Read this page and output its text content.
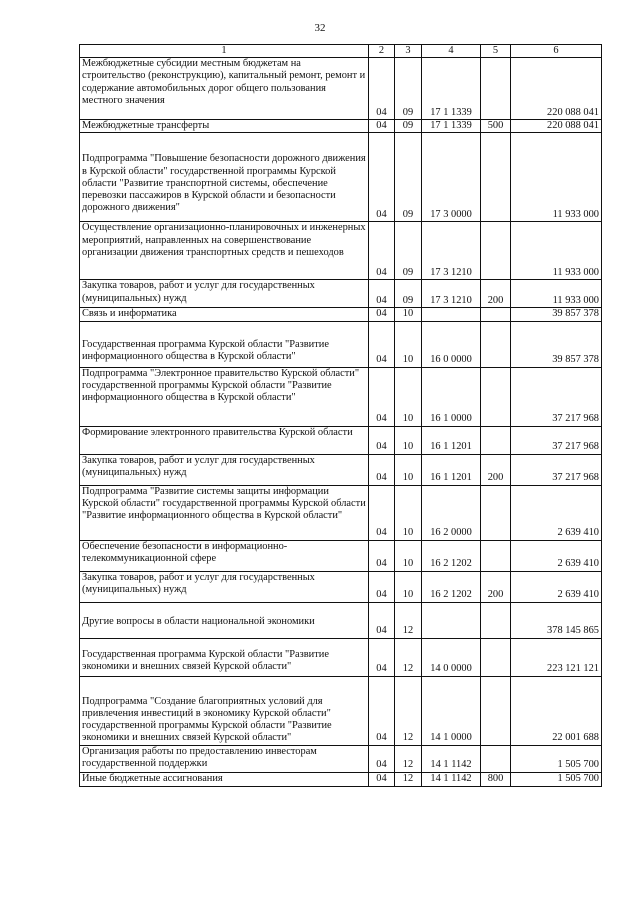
32
1	2	3	4	5	6
Межбюджетные субсидии местным бюджетам на строительство (реконструкцию), капитальный ремонт, ремонт и содержание автомобильных дорог общего пользования местного значения	04	09	17 1 1339		220 088 041
Межбюджетные трансферты	04	09	17 1 1339	500	220 088 041
Подпрограмма "Повышение безопасности дорожного движения в Курской области" государственной программы Курской области "Развитие транспортной системы, обеспечение перевозки пассажиров в Курской области и безопасности дорожного движения"	04	09	17 3 0000		11 933 000
Осуществление организационно-планировочных и инженерных мероприятий, направленных на совершенствование организации движения транспортных средств и пешеходов	04	09	17 3 1210		11 933 000
Закупка товаров, работ и услуг для государственных (муниципальных) нужд	04	09	17 3 1210	200	11 933 000
Связь и информатика	04	10			39 857 378
Государственная программа Курской области "Развитие информационного общества в Курской области"	04	10	16 0 0000		39 857 378
Подпрограмма "Электронное правительство Курской области" государственной программы Курской области "Развитие информационного общества в Курской области"	04	10	16 1 0000		37 217 968
Формирование электронного правительства Курской области	04	10	16 1 1201		37 217 968
Закупка товаров, работ и услуг для государственных (муниципальных) нужд	04	10	16 1 1201	200	37 217 968
Подпрограмма "Развитие системы защиты информации Курской области" государственной программы Курской области "Развитие информационного общества в Курской области"	04	10	16 2 0000		2 639 410
Обеспечение безопасности в информационно-телекоммуникационной сфере	04	10	16 2 1202		2 639 410
Закупка товаров, работ и услуг для государственных (муниципальных) нужд	04	10	16 2 1202	200	2 639 410
Другие вопросы в области национальной экономики	04	12			378 145 865
Государственная программа Курской области "Развитие экономики и внешних связей Курской области"	04	12	14 0 0000		223 121 121
Подпрограмма "Создание благоприятных условий для привлечения инвестиций в экономику Курской области" государственной программы Курской области "Развитие экономики и внешних связей Курской области"	04	12	14 1 0000		22 001 688
Организация работы по предоставлению инвесторам государственной поддержки	04	12	14 1 1142		1 505 700
Иные бюджетные ассигнования	04	12	14 1 1142	800	1 505 700
